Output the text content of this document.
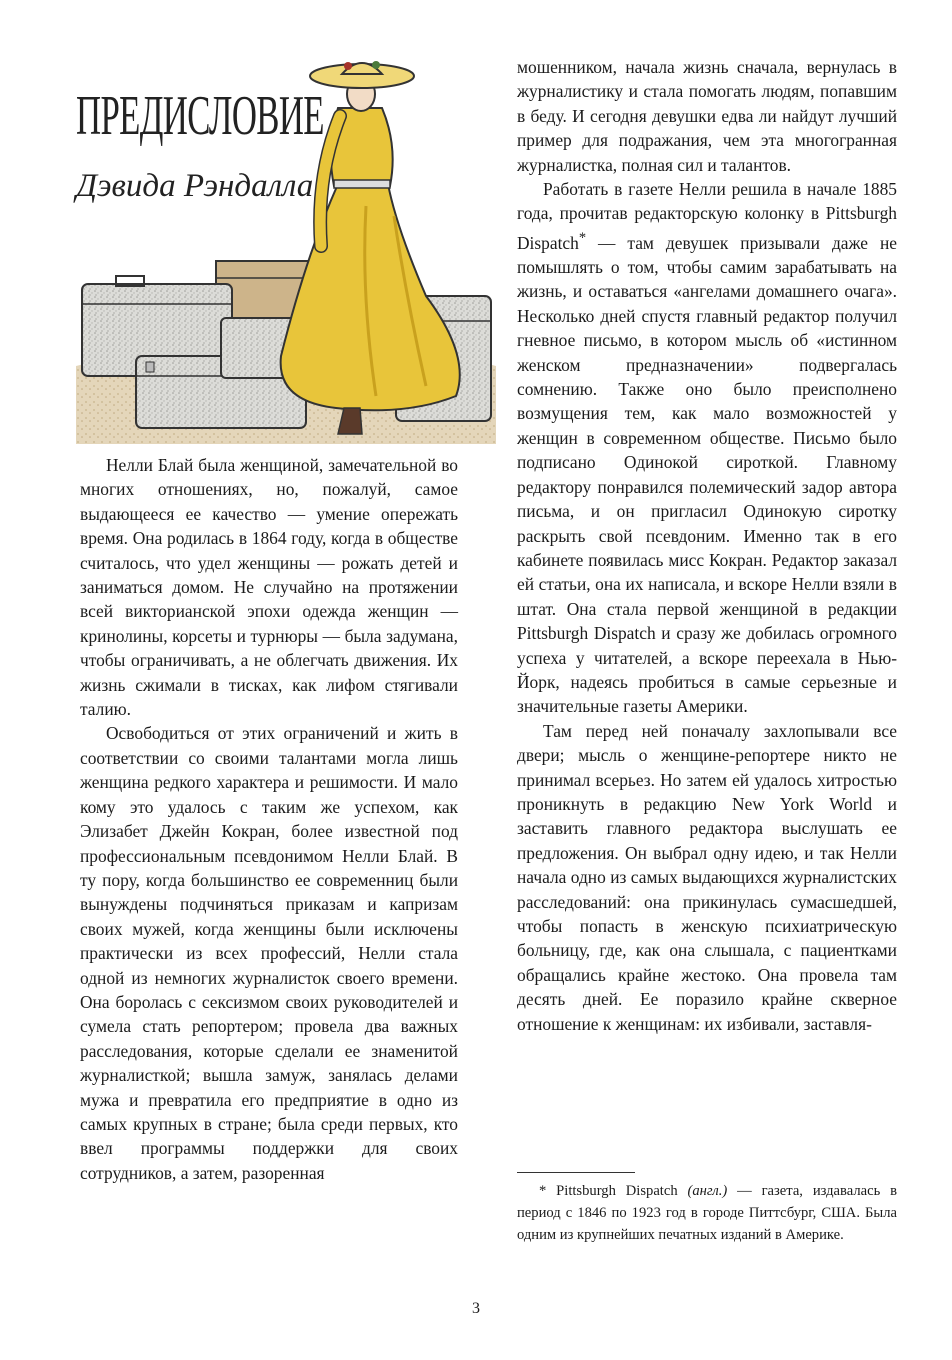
ПРЕДИСЛОВИЕ
Дэвида Рэндалла

Нелли Блай была женщиной, замечательной во многих отношениях, но, пожалуй, самое выдающееся ее качество — умение опережать время. Она родилась в 1864 году, когда в обществе считалось, что удел женщины — рожать детей и заниматься домом. Не случайно на протяжении всей викторианской эпохи одежда женщин — кринолины, корсеты и турнюры — была задумана, чтобы ограничивать, а не облегчать движения. Их жизнь сжимали в тисках, как лифом стягивали талию.

Освободиться от этих ограничений и жить в соответствии со своими талантами могла лишь женщина редкого характера и решимости. И мало кому это удалось с таким же успехом, как Элизабет Джейн Кокран, более известной под профессиональным псевдонимом Нелли Блай. В ту пору, когда большинство ее современниц были вынуждены подчиняться приказам и капризам своих мужей, когда женщины были исключены практически из всех профессий, Нелли стала одной из немногих журналисток своего времени. Она боролась с сексизмом своих руководителей и сумела стать репортером; провела два важных расследования, которые сделали ее знаменитой журналисткой; вышла замуж, занялась делами мужа и превратила его предприятие в одно из самых крупных в стране; была среди первых, кто ввел программы поддержки для своих сотрудников, а затем, разоренная

мошенником, начала жизнь сначала, вернулась в журналистику и стала помогать людям, попавшим в беду. И сегодня девушки едва ли найдут лучший пример для подражания, чем эта многогранная журналистка, полная сил и талантов.

Работать в газете Нелли решила в начале 1885 года, прочитав редакторскую колонку в Pittsburgh Dispatch* — там девушек призывали даже не помышлять о том, чтобы самим зарабатывать на жизнь, и оставаться «ангелами домашнего очага». Несколько дней спустя главный редактор получил гневное письмо, в котором мысль об «истинном женском предназначении» подвергалась сомнению. Также оно было преисполнено возмущения тем, как мало возможностей у женщин в современном обществе. Письмо было подписано Одинокой сироткой. Главному редактору понравился полемический задор автора письма, и он пригласил Одинокую сиротку раскрыть свой псевдоним. Именно так в его кабинете появилась мисс Кокран. Редактор заказал ей статьи, она их написала, и вскоре Нелли взяли в штат. Она стала первой женщиной в редакции Pittsburgh Dispatch и сразу же добилась огромного успеха у читателей, а вскоре переехала в Нью-Йорк, надеясь пробиться в самые серьезные и значительные газеты Америки.

Там перед ней поначалу захлопывали все двери; мысль о женщине-репортере никто не принимал всерьез. Но затем ей удалось хитростью проникнуть в редакцию New York World и заставить главного редактора выслушать ее предложения. Он выбрал одну идею, и так Нелли начала одно из самых выдающихся журналистских расследований: она прикинулась сумасшедшей, чтобы попасть в женскую психиатрическую больницу, где, как она слышала, с пациентками обращались крайне жестоко. Она провела там десять дней. Ее поразило крайне скверное отношение к женщинам: их избивали, заставля-

* Pittsburgh Dispatch (англ.) — газета, издавалась в период с 1846 по 1923 год в городе Питтсбург, США. Была одним из крупнейших печатных изданий в Америке.
3
